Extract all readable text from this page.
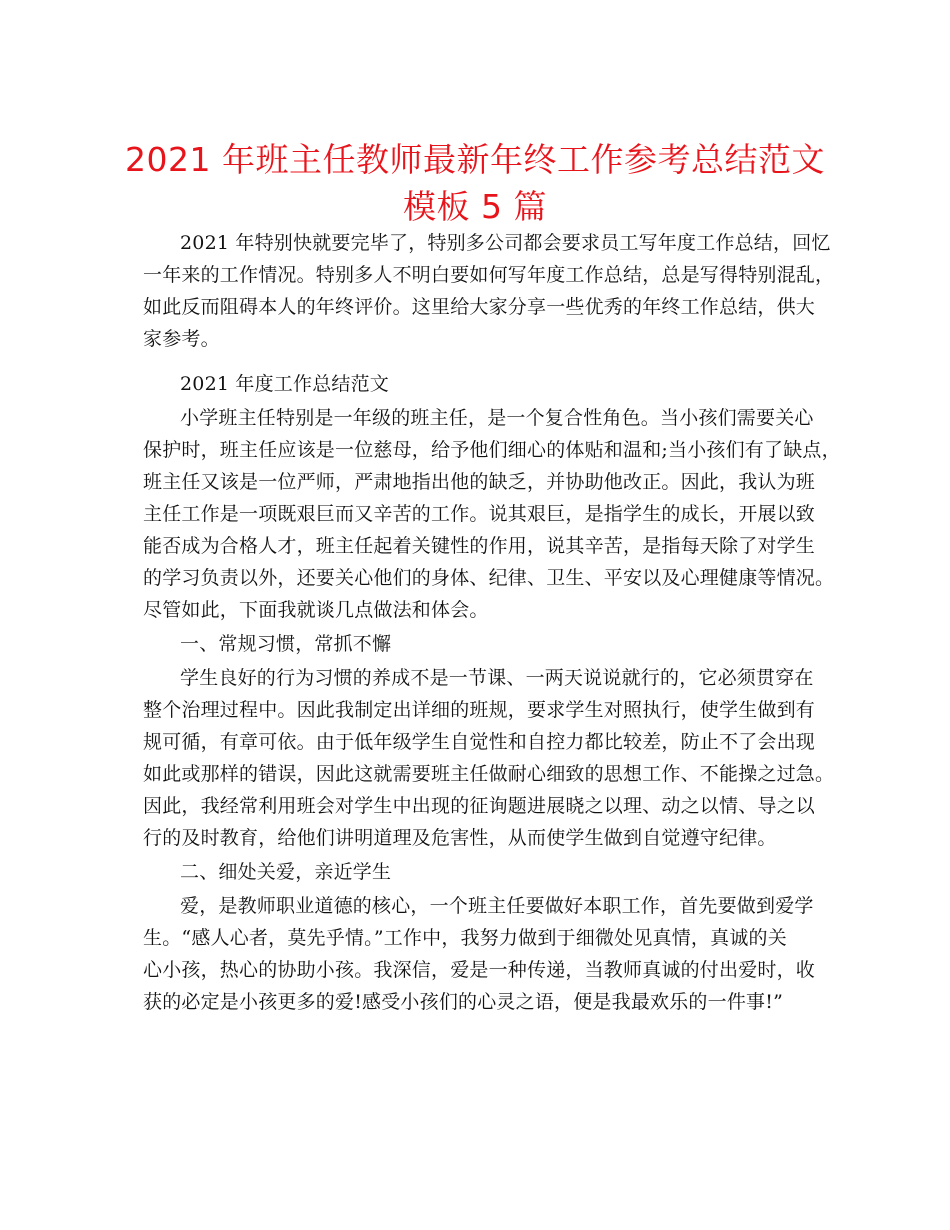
2021 年班主任教师最新年终工作参考总结范文
模板 5 篇
2021 年特别快就要完毕了，特别多公司都会要求员工写年度工作总结，回忆
一年来的工作情况。特别多人不明白要如何写年度工作总结，总是写得特别混乱，
如此反而阻碍本人的年终评价。这里给大家分享一些优秀的年终工作总结，供大
家参考。
2021 年度工作总结范文
小学班主任特别是一年级的班主任，是一个复合性角色。当小孩们需要关心
保护时，班主任应该是一位慈母，给予他们细心的体贴和温和;当小孩们有了缺点，
班主任又该是一位严师，严肃地指出他的缺乏，并协助他改正。因此，我认为班
主任工作是一项既艰巨而又辛苦的工作。说其艰巨，是指学生的成长，开展以致
能否成为合格人才，班主任起着关键性的作用，说其辛苦，是指每天除了对学生
的学习负责以外，还要关心他们的身体、纪律、卫生、平安以及心理健康等情况。
尽管如此，下面我就谈几点做法和体会。
一、常规习惯，常抓不懈
学生良好的行为习惯的养成不是一节课、一两天说说就行的，它必须贯穿在
整个治理过程中。因此我制定出详细的班规，要求学生对照执行，使学生做到有
规可循，有章可依。由于低年级学生自觉性和自控力都比较差，防止不了会出现
如此或那样的错误，因此这就需要班主任做耐心细致的思想工作、不能操之过急。
因此，我经常利用班会对学生中出现的征询题进展晓之以理、动之以情、导之以
行的及时教育，给他们讲明道理及危害性，从而使学生做到自觉遵守纪律。
二、细处关爱，亲近学生
爱，是教师职业道德的核心，一个班主任要做好本职工作，首先要做到爱学
生。“感人心者，莫先乎情。”工作中，我努力做到于细微处见真情，真诚的关
心小孩，热心的协助小孩。我深信，爱是一种传递，当教师真诚的付出爱时，收
获的必定是小孩更多的爱!感受小孩们的心灵之语，便是我最欢乐的一件事!”
